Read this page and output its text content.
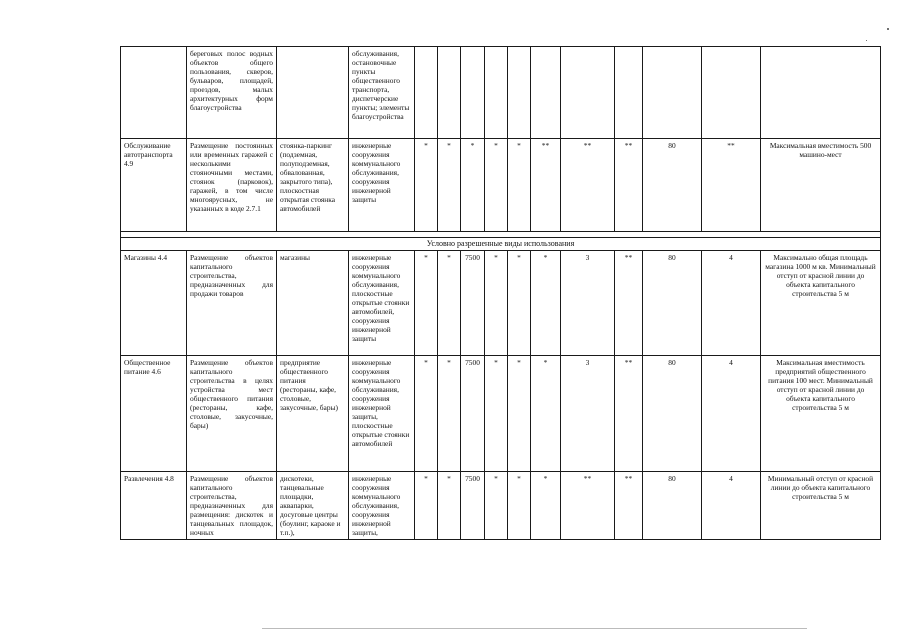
	береговых полос водных объектов общего пользования, скверов, бульваров, площадей, проездов, малых архитектурных форм благоустройства		обслуживания, остановочные пункты общественного транспорта, диспетчерские пункты; элементы благоустройства											
Обслуживание автотранспорта 4.9	Размещение постоянных или временных гаражей с несколькими стояночными местами, стоянок (парковок), гаражей, в том числе многоярусных, не указанных в коде 2.7.1	стоянка-паркинг (подземная, полуподземная, обвалованная, закрытого типа), плоскостная открытая стоянка автомобилей	инженерные сооружения коммунального обслуживания, сооружения инженерной защиты	*	*	*	*	*	**	**	**	80	**	Максимальная вместимость 500 машино-мест

Условно разрешенные виды использования														
Магазины 4.4	Размещение объектов капитального строительства, предназначенных для продажи товаров	магазины	инженерные сооружения коммунального обслуживания, плоскостные открытые стоянки автомобилей, сооружения инженерной защиты	*	*	7500	*	*	*	3	**	80	4	Максимально общая площадь магазина 1000 м кв. Минимальный отступ от красной линии до объекта капитального строительства 5 м
Общественное питание 4.6	Размещение объектов капитального строительства в целях устройства мест общественного питания (рестораны, кафе, столовые, закусочные, бары)	предприятие общественного питания (рестораны, кафе, столовые, закусочные, бары)	инженерные сооружения коммунального обслуживания, сооружения инженерной защиты, плоскостные открытые стоянки автомобилей	*	*	7500	*	*	*	3	**	80	4	Максимальная вместимость предприятий общественного питания 100 мест. Минимальный отступ от красной линии до объекта капитального строительства 5 м
Развлечения 4.8	Размещение объектов капитального строительства, предназначенных для размещения: дискотек и танцевальных площадок, ночных	дискотеки, танцевальные площадки, аквапарки, досуговые центры (боулинг, караоке и т.п.),	инженерные сооружения коммунального обслуживания, сооружения инженерной защиты,	*	*	7500	*	*	*	**	**	80	4	Минимальный отступ от красной линии до объекта капитального строительства 5 м
